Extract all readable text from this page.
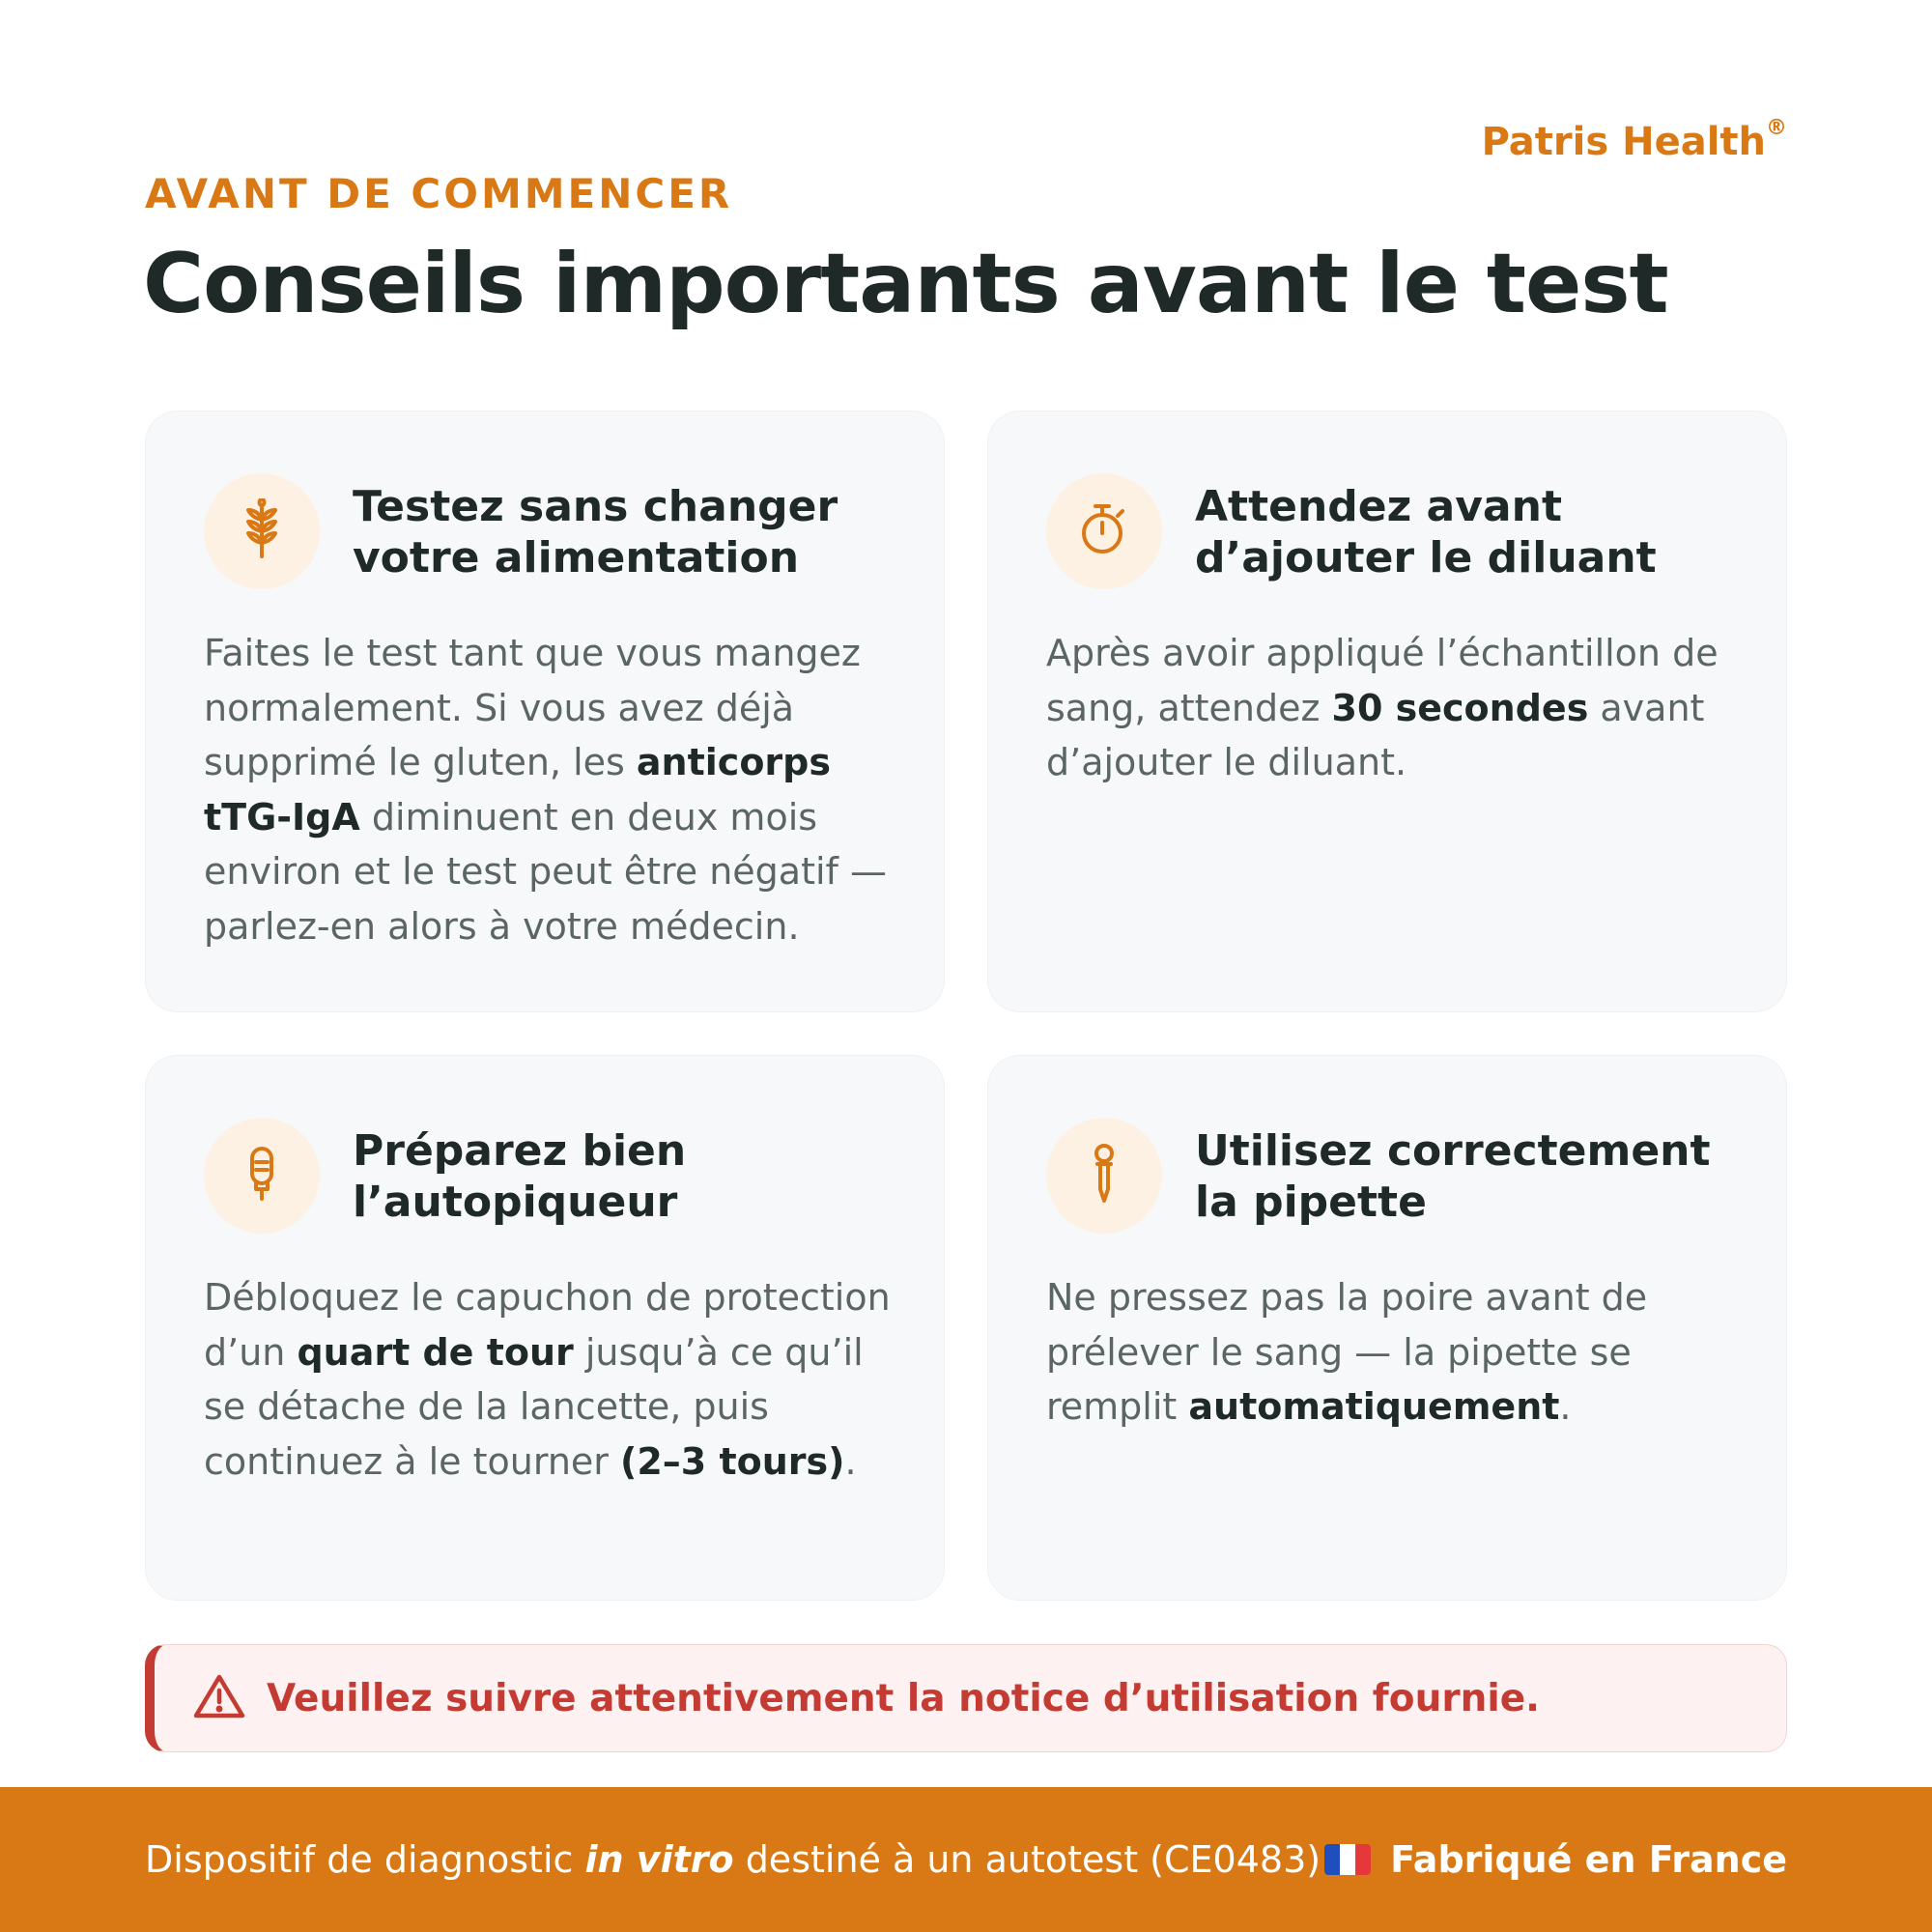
Patris Health®
AVANT DE COMMENCER
Conseils importants avant le test
Testez sans changer votre alimentation

Faites le test tant que vous mangez normalement. Si vous avez déjà supprimé le gluten, les anticorps tTG-IgA diminuent en deux mois environ et le test peut être négatif — parlez-en alors à votre médecin.

Attendez avant d’ajouter le diluant

Après avoir appliqué l’échantillon de sang, attendez 30 secondes avant d’ajouter le diluant.

Préparez bien l’autopiqueur

Débloquez le capuchon de protection d’un quart de tour jusqu’à ce qu’il se détache de la lancette, puis continuez à le tourner (2–3 tours).

Utilisez correctement la pipette

Ne pressez pas la poire avant de prélever le sang — la pipette se remplit automatiquement.

Veuillez suivre attentivement la notice d’utilisation fournie.
Dispositif de diagnostic in vitro destiné à un autotest (CE0483) Fabriqué en France
